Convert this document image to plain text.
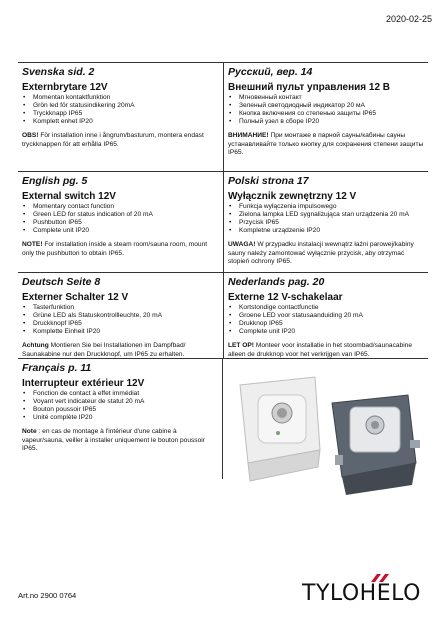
2020-02-25
Svenska sid. 2
Externbrytare 12V
• Momentan kontaktfunktion
• Grön led för statusindikering 20mA
• Tryckknapp IP65
• Komplett enhet IP20

OBS! För installation inne i ångrum/basturum, montera endast tryckknappen för att erhålla IP65.

Русский, вер. 14
Внешний пульт управления 12 В
• Мгновенный контакт
• Зеленый светодиодный индикатор 20 мА
• Кнопка включения со степенью защиты IP65
• Полный узел в сборе IP20

ВНИМАНИЕ! При монтаже в парной сауны/кабины сауны устанавливайте только кнопку для сохранения степени защиты IP65.

English pg. 5
External switch 12V
• Momentary contact function
• Green LED for status indication of 20 mA
• Pushbutton IP65
• Complete unit IP20

NOTE! For installation inside a steam room/sauna room, mount only the pushbutton to obtain IP65.

Polski strona 17
Wyłącznik zewnętrzny 12 V
• Funkcja wyłączenia impulsowego
• Zielona lampka LED sygnalizująca stan urządzenia 20 mA
• Przycisk IP65
• Kompletne urządzenie IP20

UWAGA! W przypadku instalacji wewnątrz łaźni parowej/kabiny sauny należy zamontować wyłącznie przycisk, aby otrzymać stopień ochrony IP65.

Deutsch Seite 8
Externer Schalter 12 V
• Tasterfunktion
• Grüne LED als Statuskontrollleuchte, 20 mA
• Druckknopf IP65
• Komplette Einheit IP20

Achtung Montieren Sie bei Installationen im Dampfbad/ Saunakabine nur den Druckknopf, um IP65 zu erhalten.

Nederlands pag. 20
Externe 12 V-schakelaar
• Kortstondige contactfunctie
• Groene LED voor statusaanduiding 20 mA
• Drukknop IP65
• Complete unit IP20

LET OP! Monteer voor installatie in het stoombad/saunacabine alleen de drukknop voor het verkrijgen van IP65.

Français p. 11
Interrupteur extérieur 12V
• Fonction de contact à effet immédiat
• Voyant vert indicateur de statut 20 mA
• Bouton poussoir IP65
• Unité complète IP20

Note : en cas de montage à l'intérieur d'une cabine à vapeur/sauna, veiller à installer uniquement le bouton poussoir IP65.

Art.no 2900 0764	TYLOHELO
